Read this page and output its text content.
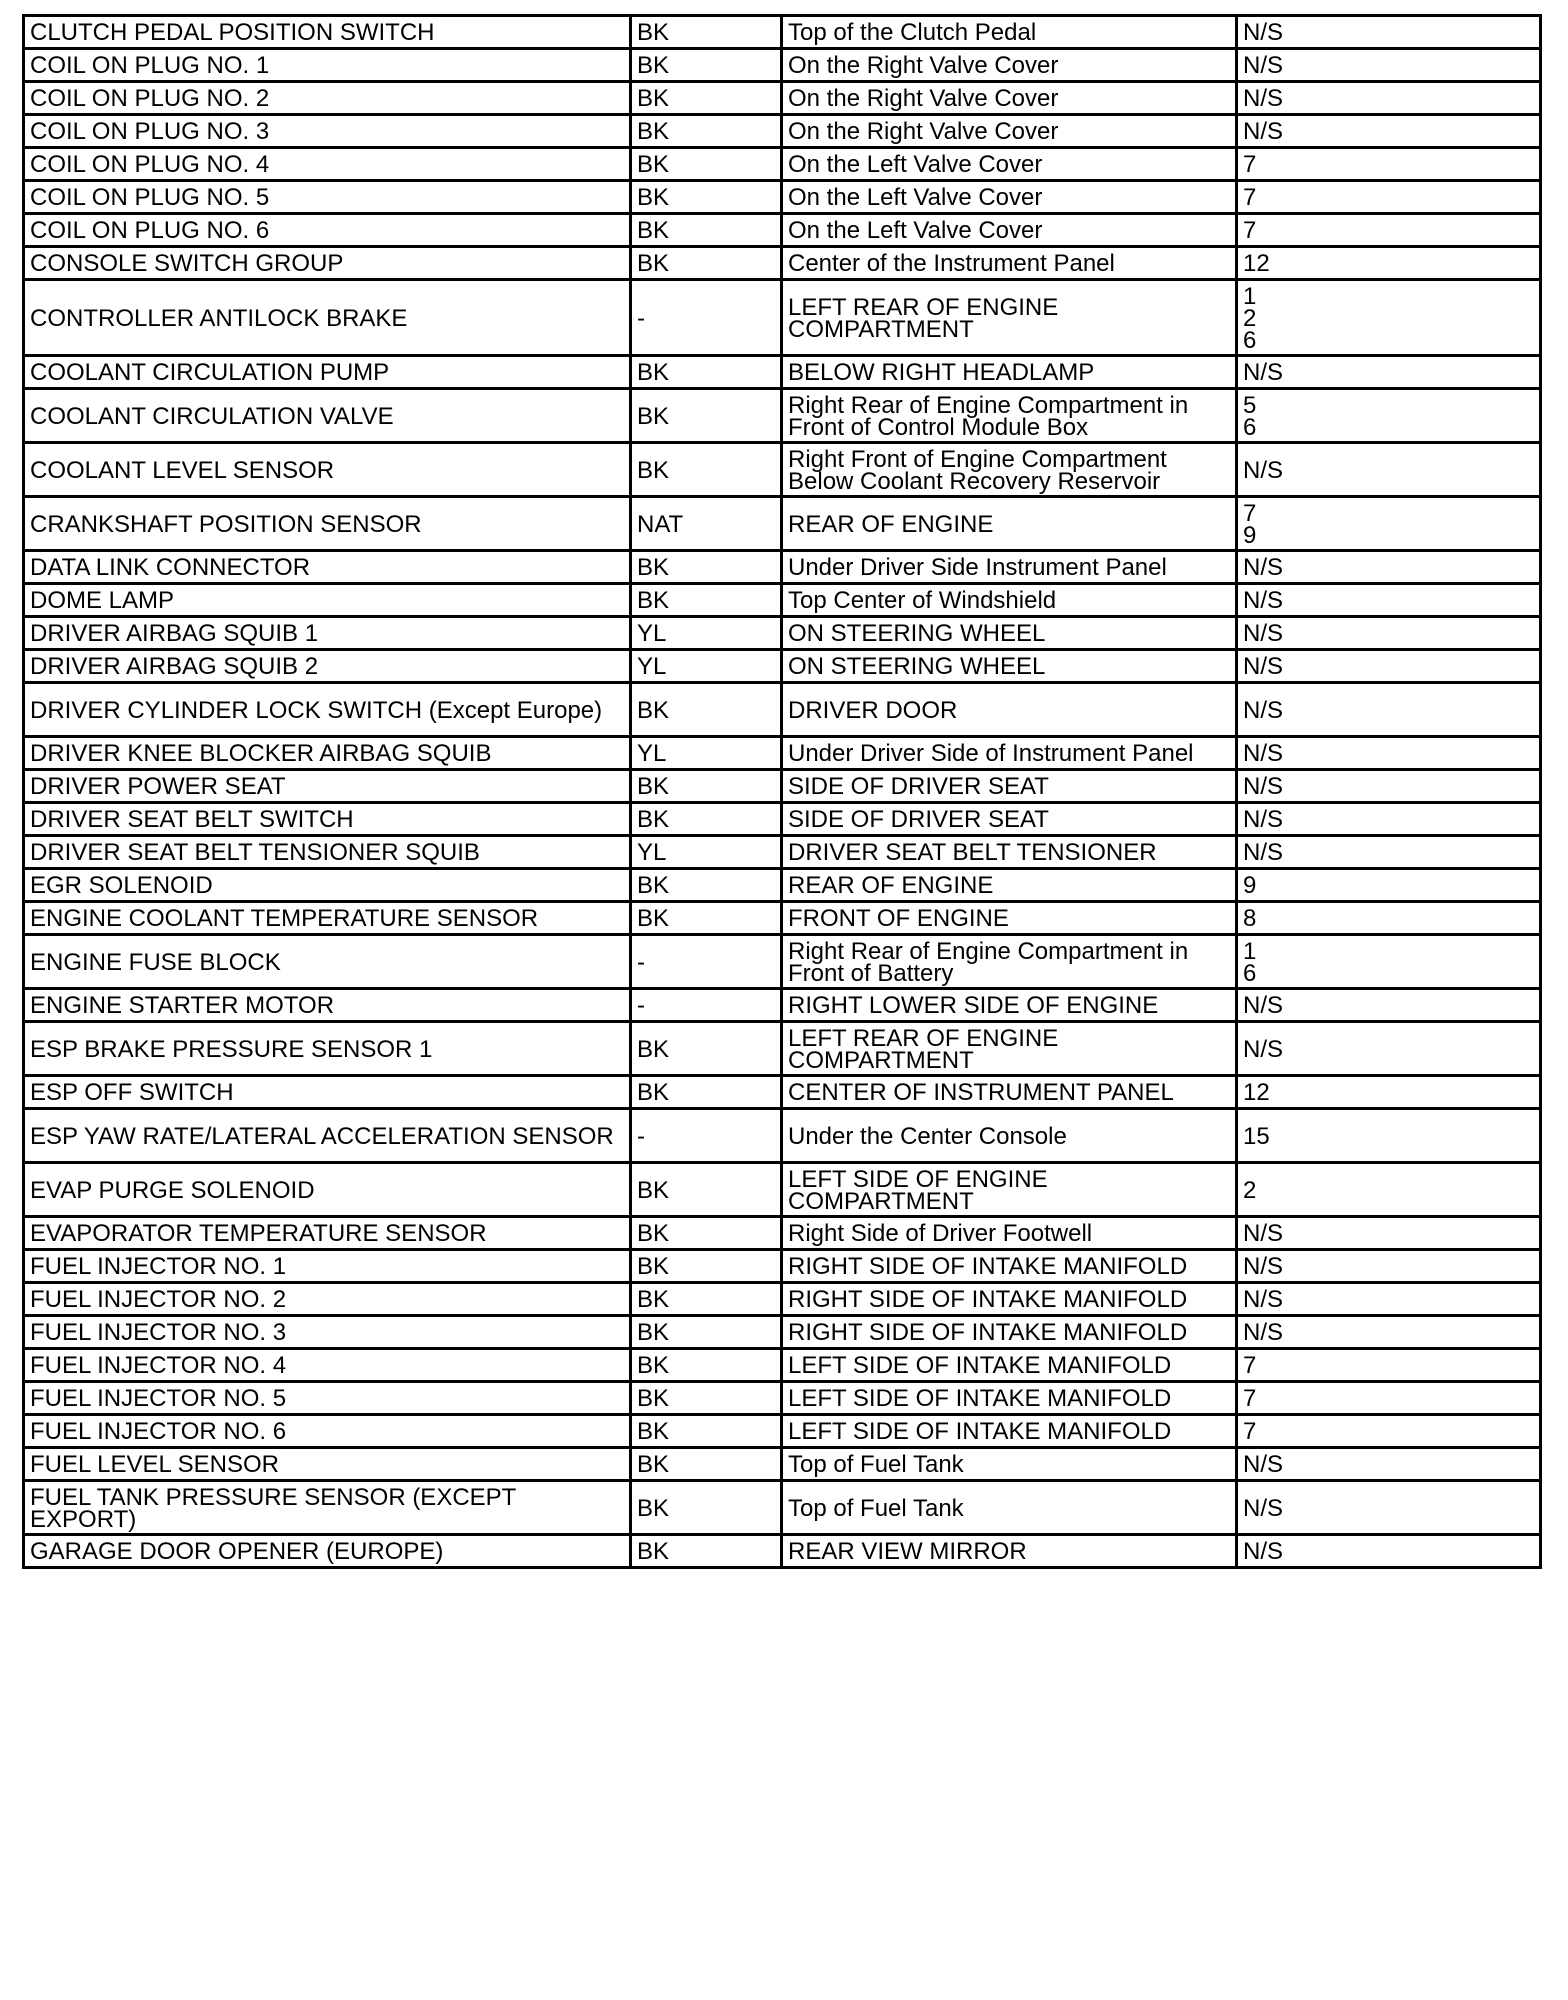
CLUTCH PEDAL POSITION SWITCH	BK	Top of the Clutch Pedal	N/S
COIL ON PLUG NO. 1	BK	On the Right Valve Cover	N/S
COIL ON PLUG NO. 2	BK	On the Right Valve Cover	N/S
COIL ON PLUG NO. 3	BK	On the Right Valve Cover	N/S
COIL ON PLUG NO. 4	BK	On the Left Valve Cover	7
COIL ON PLUG NO. 5	BK	On the Left Valve Cover	7
COIL ON PLUG NO. 6	BK	On the Left Valve Cover	7
CONSOLE SWITCH GROUP	BK	Center of the Instrument Panel	12
CONTROLLER ANTILOCK BRAKE	-	LEFT REAR OF ENGINE COMPARTMENT	1
2
6

COOLANT CIRCULATION PUMP	BK	BELOW RIGHT HEADLAMP	N/S
COOLANT CIRCULATION VALVE	BK	Right Rear of Engine Compartment in Front of Control Module Box	5
6

COOLANT LEVEL SENSOR	BK	Right Front of Engine Compartment Below Coolant Recovery Reservoir	N/S
CRANKSHAFT POSITION SENSOR	NAT	REAR OF ENGINE	7
9

DATA LINK CONNECTOR	BK	Under Driver Side Instrument Panel	N/S
DOME LAMP	BK	Top Center of Windshield	N/S
DRIVER AIRBAG SQUIB 1	YL	ON STEERING WHEEL	N/S
DRIVER AIRBAG SQUIB 2	YL	ON STEERING WHEEL	N/S
DRIVER CYLINDER LOCK SWITCH (Except Europe)	BK	DRIVER DOOR	N/S
DRIVER KNEE BLOCKER AIRBAG SQUIB	YL	Under Driver Side of Instrument Panel	N/S
DRIVER POWER SEAT	BK	SIDE OF DRIVER SEAT	N/S
DRIVER SEAT BELT SWITCH	BK	SIDE OF DRIVER SEAT	N/S
DRIVER SEAT BELT TENSIONER SQUIB	YL	DRIVER SEAT BELT TENSIONER	N/S
EGR SOLENOID	BK	REAR OF ENGINE	9
ENGINE COOLANT TEMPERATURE SENSOR	BK	FRONT OF ENGINE	8
ENGINE FUSE BLOCK	-	Right Rear of Engine Compartment in Front of Battery	1
6

ENGINE STARTER MOTOR	-	RIGHT LOWER SIDE OF ENGINE	N/S
ESP BRAKE PRESSURE SENSOR 1	BK	LEFT REAR OF ENGINE COMPARTMENT	N/S
ESP OFF SWITCH	BK	CENTER OF INSTRUMENT PANEL	12
ESP YAW RATE/LATERAL ACCELERATION SENSOR	-	Under the Center Console	15
EVAP PURGE SOLENOID	BK	LEFT SIDE OF ENGINE COMPARTMENT	2
EVAPORATOR TEMPERATURE SENSOR	BK	Right Side of Driver Footwell	N/S
FUEL INJECTOR NO. 1	BK	RIGHT SIDE OF INTAKE MANIFOLD	N/S
FUEL INJECTOR NO. 2	BK	RIGHT SIDE OF INTAKE MANIFOLD	N/S
FUEL INJECTOR NO. 3	BK	RIGHT SIDE OF INTAKE MANIFOLD	N/S
FUEL INJECTOR NO. 4	BK	LEFT SIDE OF INTAKE MANIFOLD	7
FUEL INJECTOR NO. 5	BK	LEFT SIDE OF INTAKE MANIFOLD	7
FUEL INJECTOR NO. 6	BK	LEFT SIDE OF INTAKE MANIFOLD	7
FUEL LEVEL SENSOR	BK	Top of Fuel Tank	N/S
FUEL TANK PRESSURE SENSOR (EXCEPT EXPORT)	BK	Top of Fuel Tank	N/S
GARAGE DOOR OPENER (EUROPE)	BK	REAR VIEW MIRROR	N/S
